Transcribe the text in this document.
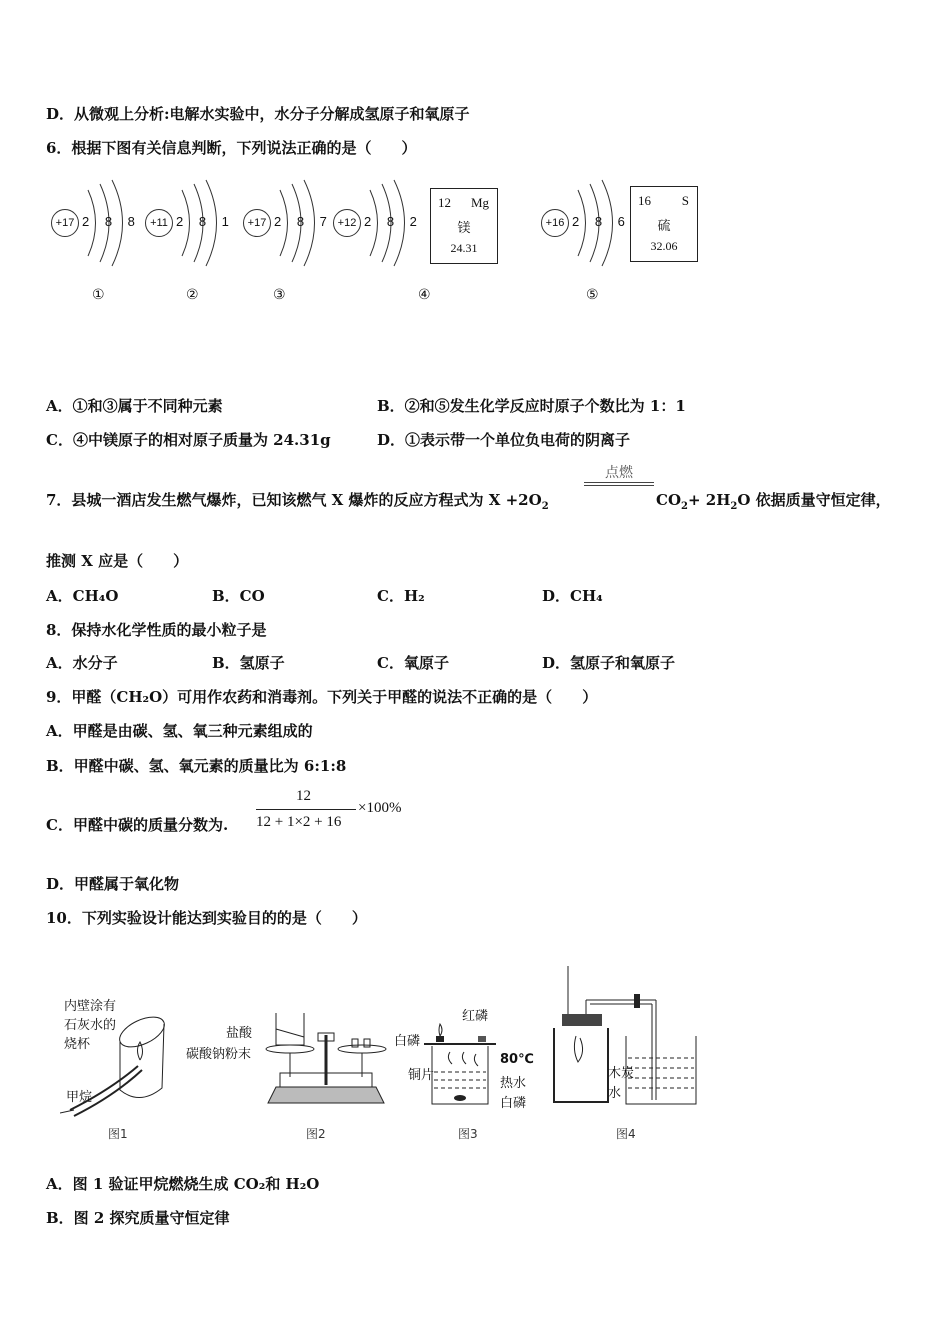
D．从微观上分析:电解水实验中，水分子分解成氢原子和氧原子
6．根据下图有关信息判断，下列说法正确的是（　　）
+17 2 8 8 +11 2 8 1	+17 2 8 7 +12 2 8 2
12 Mg
镁
24.31
+16 2 8 6
16 S
硫
32.06
①	②	③	④	⑤
A．①和③属于不同种元素	B．②和⑤发生化学反应时原子个数比为 1：1
C．④中镁原子的相对原子质量为 24.31g	D．①表示带一个单位负电荷的阴离子
7．县城一酒店发生燃气爆炸，已知该燃气 X 爆炸的反应方程式为 $X +2O_2$
点燃
$CO_2+ 2H_2O$ 依据质量守恒定律，
推测 X 应是（　　）
A．CH₄O	B．CO	C．H₂	D．CH₄
8．保持水化学性质的最小粒子是
A．水分子	B．氢原子	C．氧原子	D．氢原子和氧原子
9．甲醛（CH₂O）可用作农药和消毒剂。下列关于甲醛的说法不正确的是（　　）
A．甲醛是由碳、氢、氧三种元素组成的
B．甲醛中碳、氢、氧元素的质量比为 6:1:8
C．甲醛中碳的质量分数为.
12
12 + 1×2 + 16
×100%
D．甲醛属于氧化物
10．下列实验设计能达到实验目的的是（　　）
内壁涂有
石灰水的
烧杯
甲烷
盐酸
碳酸钠粉末
红磷
白磷
铜片
80℃
热水
白磷
木炭
水
图1	图2	图3	图4
A．图 1 验证甲烷燃烧生成 CO₂和 H₂O
B．图 2 探究质量守恒定律
